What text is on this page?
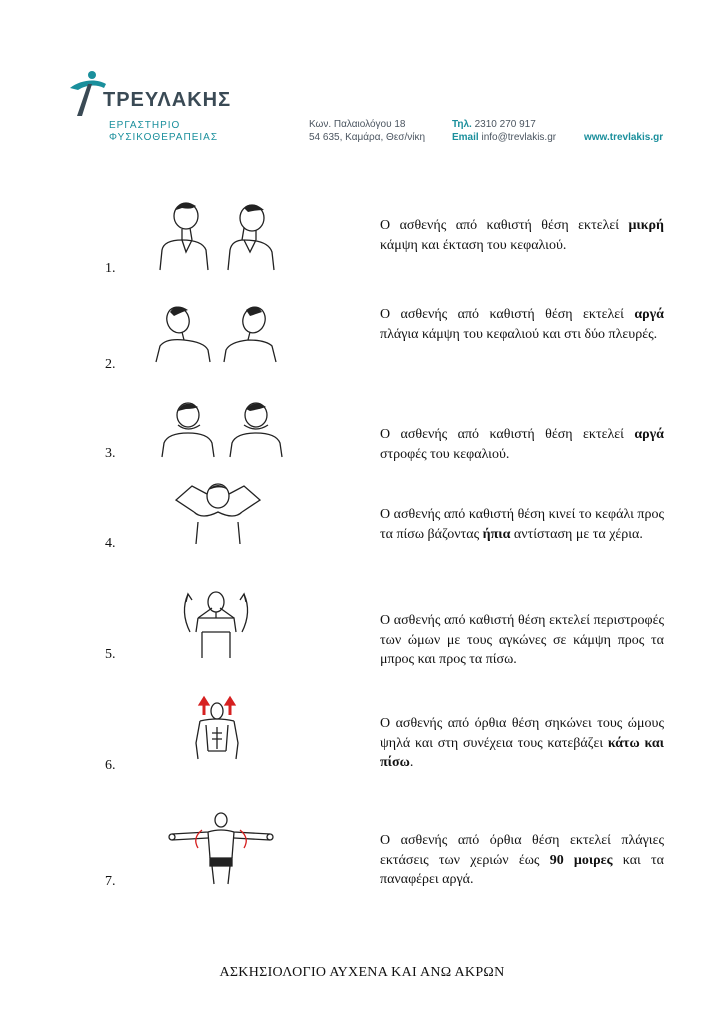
ΤΡΕΥΛΑΚΗΣ
ΕΡΓΑΣΤΗΡΙΟ
ΦΥΣΙΚΟΘΕΡΑΠΕΙΑΣ
Κων. Παλαιολόγου 18
54 635, Καμάρα, Θεσ/νίκη
Τηλ. 2310 270 917
Email info@trevlakis.gr	www.trevlakis.gr
1.
Ο ασθενής από καθιστή θέση εκτελεί μικρή κάμψη και έκταση του κεφαλιού.
2.
Ο ασθενής από καθιστή θέση εκτελεί αργά πλάγια κάμψη του κεφαλιού και στι δύο πλευρές.
3.
Ο ασθενής από καθιστή θέση εκτελεί αργά στροφές του κεφαλιού.
4.
Ο ασθενής από καθιστή θέση κινεί το κεφάλι προς τα πίσω βάζοντας ήπια αντίσταση με τα χέρια.
5.
Ο ασθενής από καθιστή θέση εκτελεί περιστροφές των ώμων με τους αγκώνες σε κάμψη προς τα μπρος και προς τα πίσω.
6.
Ο ασθενής από όρθια θέση σηκώνει τους ώμους ψηλά και στη συνέχεια τους κατεβάζει κάτω και πίσω.
7.
Ο ασθενής από όρθια θέση εκτελεί πλάγιες εκτάσεις των χεριών έως 90 μοιρες και τα παναφέρει αργά.
ΑΣΚΗΣΙΟΛΟΓΙΟ ΑΥΧΕΝΑ ΚΑΙ ΑΝΩ ΑΚΡΩΝ
